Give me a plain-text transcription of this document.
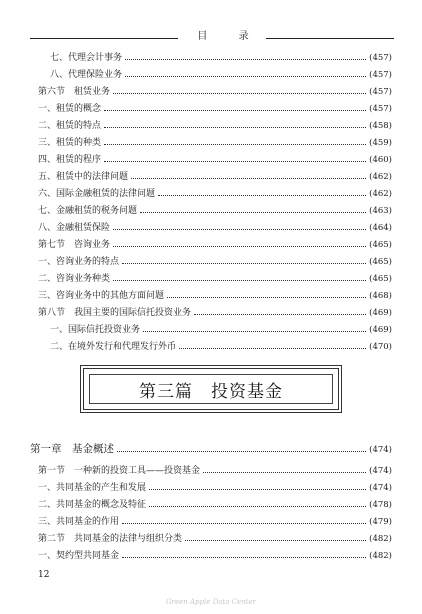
目 录
七、代理会计事务	(457)
八、代理保险业务	(457)
第六节　租赁业务	(457)
一、租赁的概念	(457)
二、租赁的特点	(458)
三、租赁的种类	(459)
四、租赁的程序	(460)
五、租赁中的法律问题	(462)
六、国际金融租赁的法律问题	(462)
七、金融租赁的税务问题	(463)
八、金融租赁保险	(464)
第七节　咨询业务	(465)
一、咨询业务的特点	(465)
二、咨询业务种类	(465)
三、咨询业务中的其他方面问题	(468)
第八节　我国主要的国际信托投资业务	(469)
一、国际信托投资业务	(469)
二、在境外发行和代理发行外币	(470)
第一章　基金概述	(474)
第一节　一种新的投资工具——投资基金	(474)
一、共同基金的产生和发展	(474)
二、共同基金的概念及特征	(478)
三、共同基金的作用	(479)
第二节　共同基金的法律与组织分类	(482)
一、契约型共同基金	(482)
第三篇　投资基金
12
Green Apple Data Center
